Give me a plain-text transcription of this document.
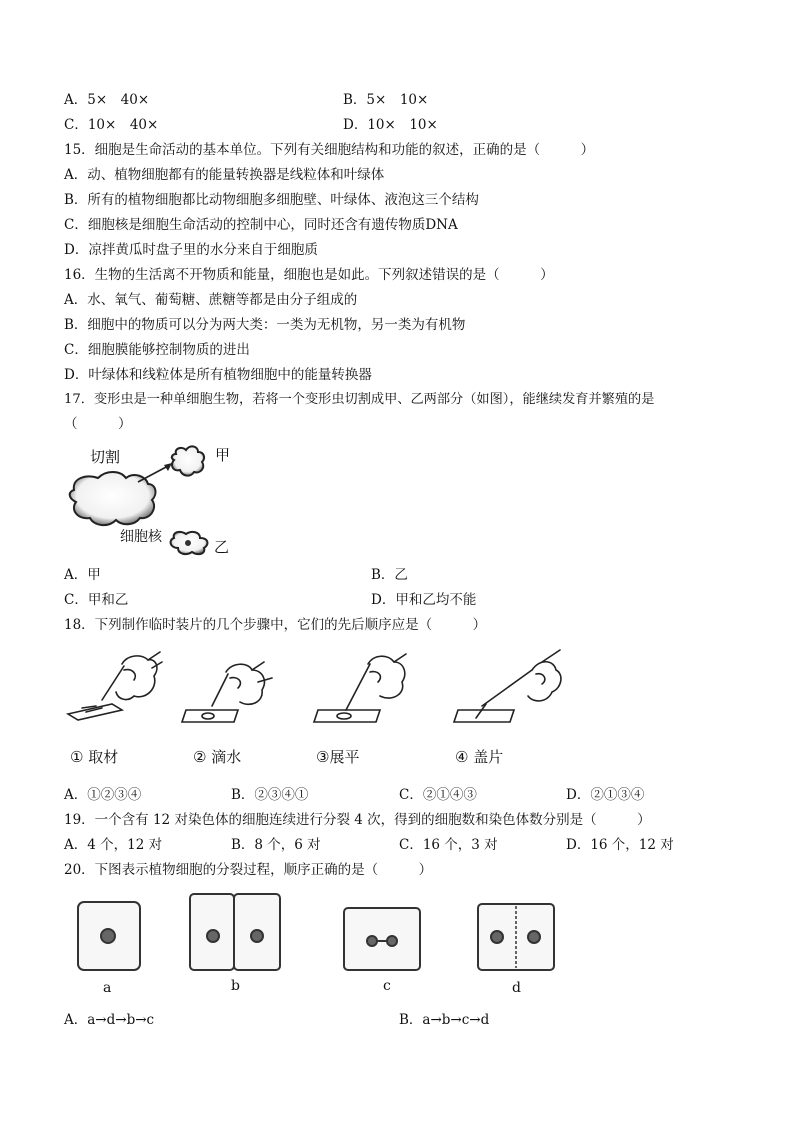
A．5×　40×	B．5×　10×
C．10×　40×	D．10×　10×
15．细胞是生命活动的基本单位。下列有关细胞结构和功能的叙述，正确的是（　　　）
A．动、植物细胞都有的能量转换器是线粒体和叶绿体
B．所有的植物细胞都比动物细胞多细胞壁、叶绿体、液泡这三个结构
C．细胞核是细胞生命活动的控制中心，同时还含有遗传物质DNA
D．凉拌黄瓜时盘子里的水分来自于细胞质
16．生物的生活离不开物质和能量，细胞也是如此。下列叙述错误的是（　　　）
A．水、氧气、葡萄糖、蔗糖等都是由分子组成的
B．细胞中的物质可以分为两大类：一类为无机物，另一类为有机物
C．细胞膜能够控制物质的进出
D．叶绿体和线粒体是所有植物细胞中的能量转换器
17．变形虫是一种单细胞生物，若将一个变形虫切割成甲、乙两部分（如图），能继续发育并繁殖的是
（　　　）
切割	甲
细胞核
乙
A．甲	B．乙
C．甲和乙	D．甲和乙均不能
18．下列制作临时装片的几个步骤中，它们的先后顺序应是（　　　）
① 取材	② 滴水	③展平	④ 盖片
A．①②③④	B．②③④①	C．②①④③	D．②①③④
19．一个含有 12 对染色体的细胞连续进行分裂 4 次，得到的细胞数和染色体数分别是（　　　）
A．4 个，12 对	B．8 个，6 对	C．16 个，3 对	D．16 个，12 对
20．下图表示植物细胞的分裂过程，顺序正确的是（　　　）
a	b	c	d
A．a→d→b→c	B．a→b→c→d
